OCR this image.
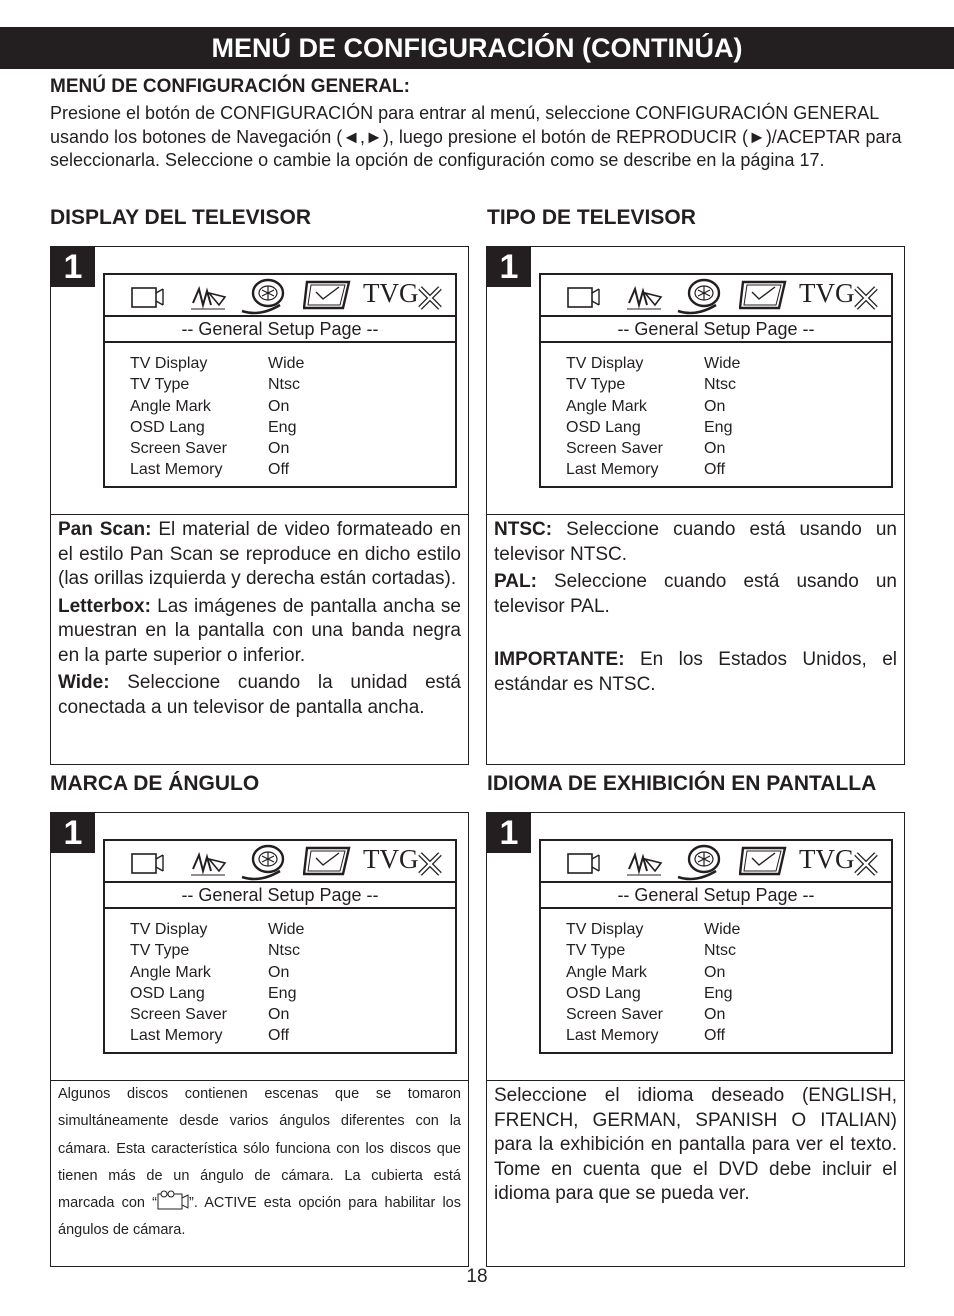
MENÚ DE CONFIGURACIÓN (CONTINÚA)
MENÚ DE CONFIGURACIÓN GENERAL:
Presione el botón de CONFIGURACIÓN para entrar al menú, seleccione CONFIGURACIÓN GENERAL usando los botones de Navegación (◄,►), luego presione el botón de REPRODUCIR (►)/ACEPTAR para seleccionarla. Seleccione o cambie la opción de configuración como se describe en la página 17.
DISPLAY DEL TELEVISOR	TIPO DE TELEVISOR
MARCA DE ÁNGULO	IDIOMA DE EXHIBICIÓN EN PANTALLA
1
TVG
-- General Setup Page --
TV Display	Wide
TV Type	Ntsc
Angle Mark	On
OSD Lang	Eng
Screen Saver	On
Last Memory	Off

Pan Scan: El material de video formateado en el estilo Pan Scan se reproduce en dicho estilo (las orillas izquierda y derecha están cortadas).

Letterbox: Las imágenes de pantalla ancha se muestran en la pantalla con una banda negra en la parte superior o inferior.

Wide: Seleccione cuando la unidad está conectada a un televisor de pantalla ancha.

1
TVG
-- General Setup Page --
TV Display	Wide
TV Type	Ntsc
Angle Mark	On
OSD Lang	Eng
Screen Saver	On
Last Memory	Off

NTSC: Seleccione cuando está usando un televisor NTSC.

PAL: Seleccione cuando está usando un televisor PAL.

IMPORTANTE: En los Estados Unidos, el estándar es NTSC.

1
TVG
-- General Setup Page --
TV Display	Wide
TV Type	Ntsc
Angle Mark	On
OSD Lang	Eng
Screen Saver	On
Last Memory	Off
Algunos discos contienen escenas que se tomaron simultáneamente desde varios ángulos diferentes con la cámara. Esta característica sólo funciona con los discos que tienen más de un ángulo de cámara. La cubierta está marcada con “ ”. ACTIVE esta opción para habilitar los ángulos de cámara.
1
TVG
-- General Setup Page --
TV Display	Wide
TV Type	Ntsc
Angle Mark	On
OSD Lang	Eng
Screen Saver	On
Last Memory	Off
Seleccione el idioma deseado (ENGLISH, FRENCH, GERMAN, SPANISH O ITALIAN) para la exhibición en pantalla para ver el texto. Tome en cuenta que el DVD debe incluir el idioma para que se pueda ver.
18
